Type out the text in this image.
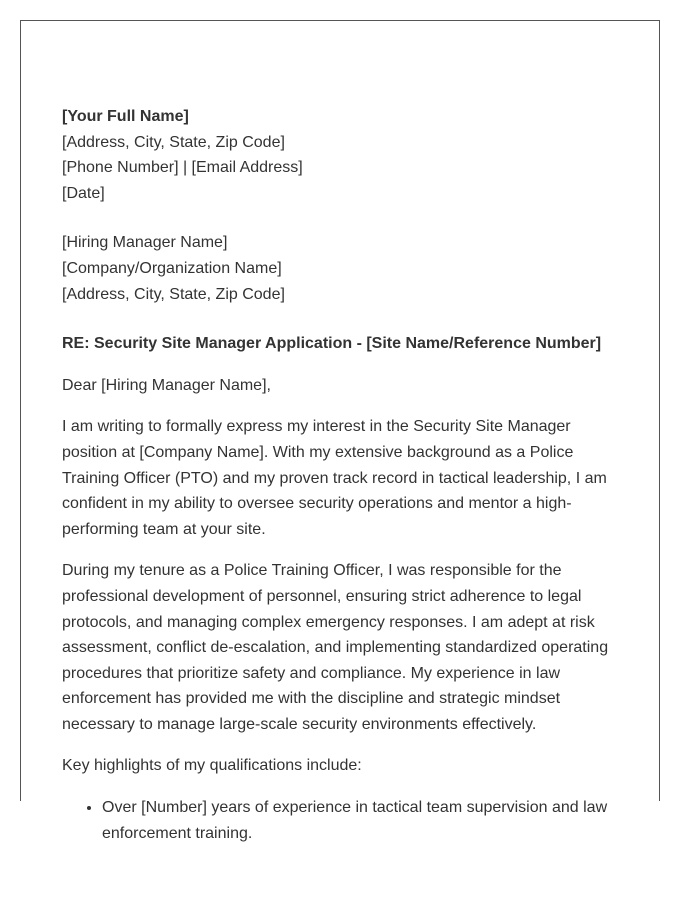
[Your Full Name]
[Address, City, State, Zip Code]
[Phone Number] | [Email Address]
[Date]
[Hiring Manager Name]
[Company/Organization Name]
[Address, City, State, Zip Code]

RE: Security Site Manager Application - [Site Name/Reference Number]

Dear [Hiring Manager Name],

I am writing to formally express my interest in the Security Site Manager position at [Company Name]. With my extensive background as a Police Training Officer (PTO) and my proven track record in tactical leadership, I am confident in my ability to oversee security operations and mentor a high-performing team at your site.

During my tenure as a Police Training Officer, I was responsible for the professional development of personnel, ensuring strict adherence to legal protocols, and managing complex emergency responses. I am adept at risk assessment, conflict de-escalation, and implementing standardized operating procedures that prioritize safety and compliance. My experience in law enforcement has provided me with the discipline and strategic mindset necessary to manage large-scale security environments effectively.

Key highlights of my qualifications include:

• Over [Number] years of experience in tactical team supervision and law enforcement training.
